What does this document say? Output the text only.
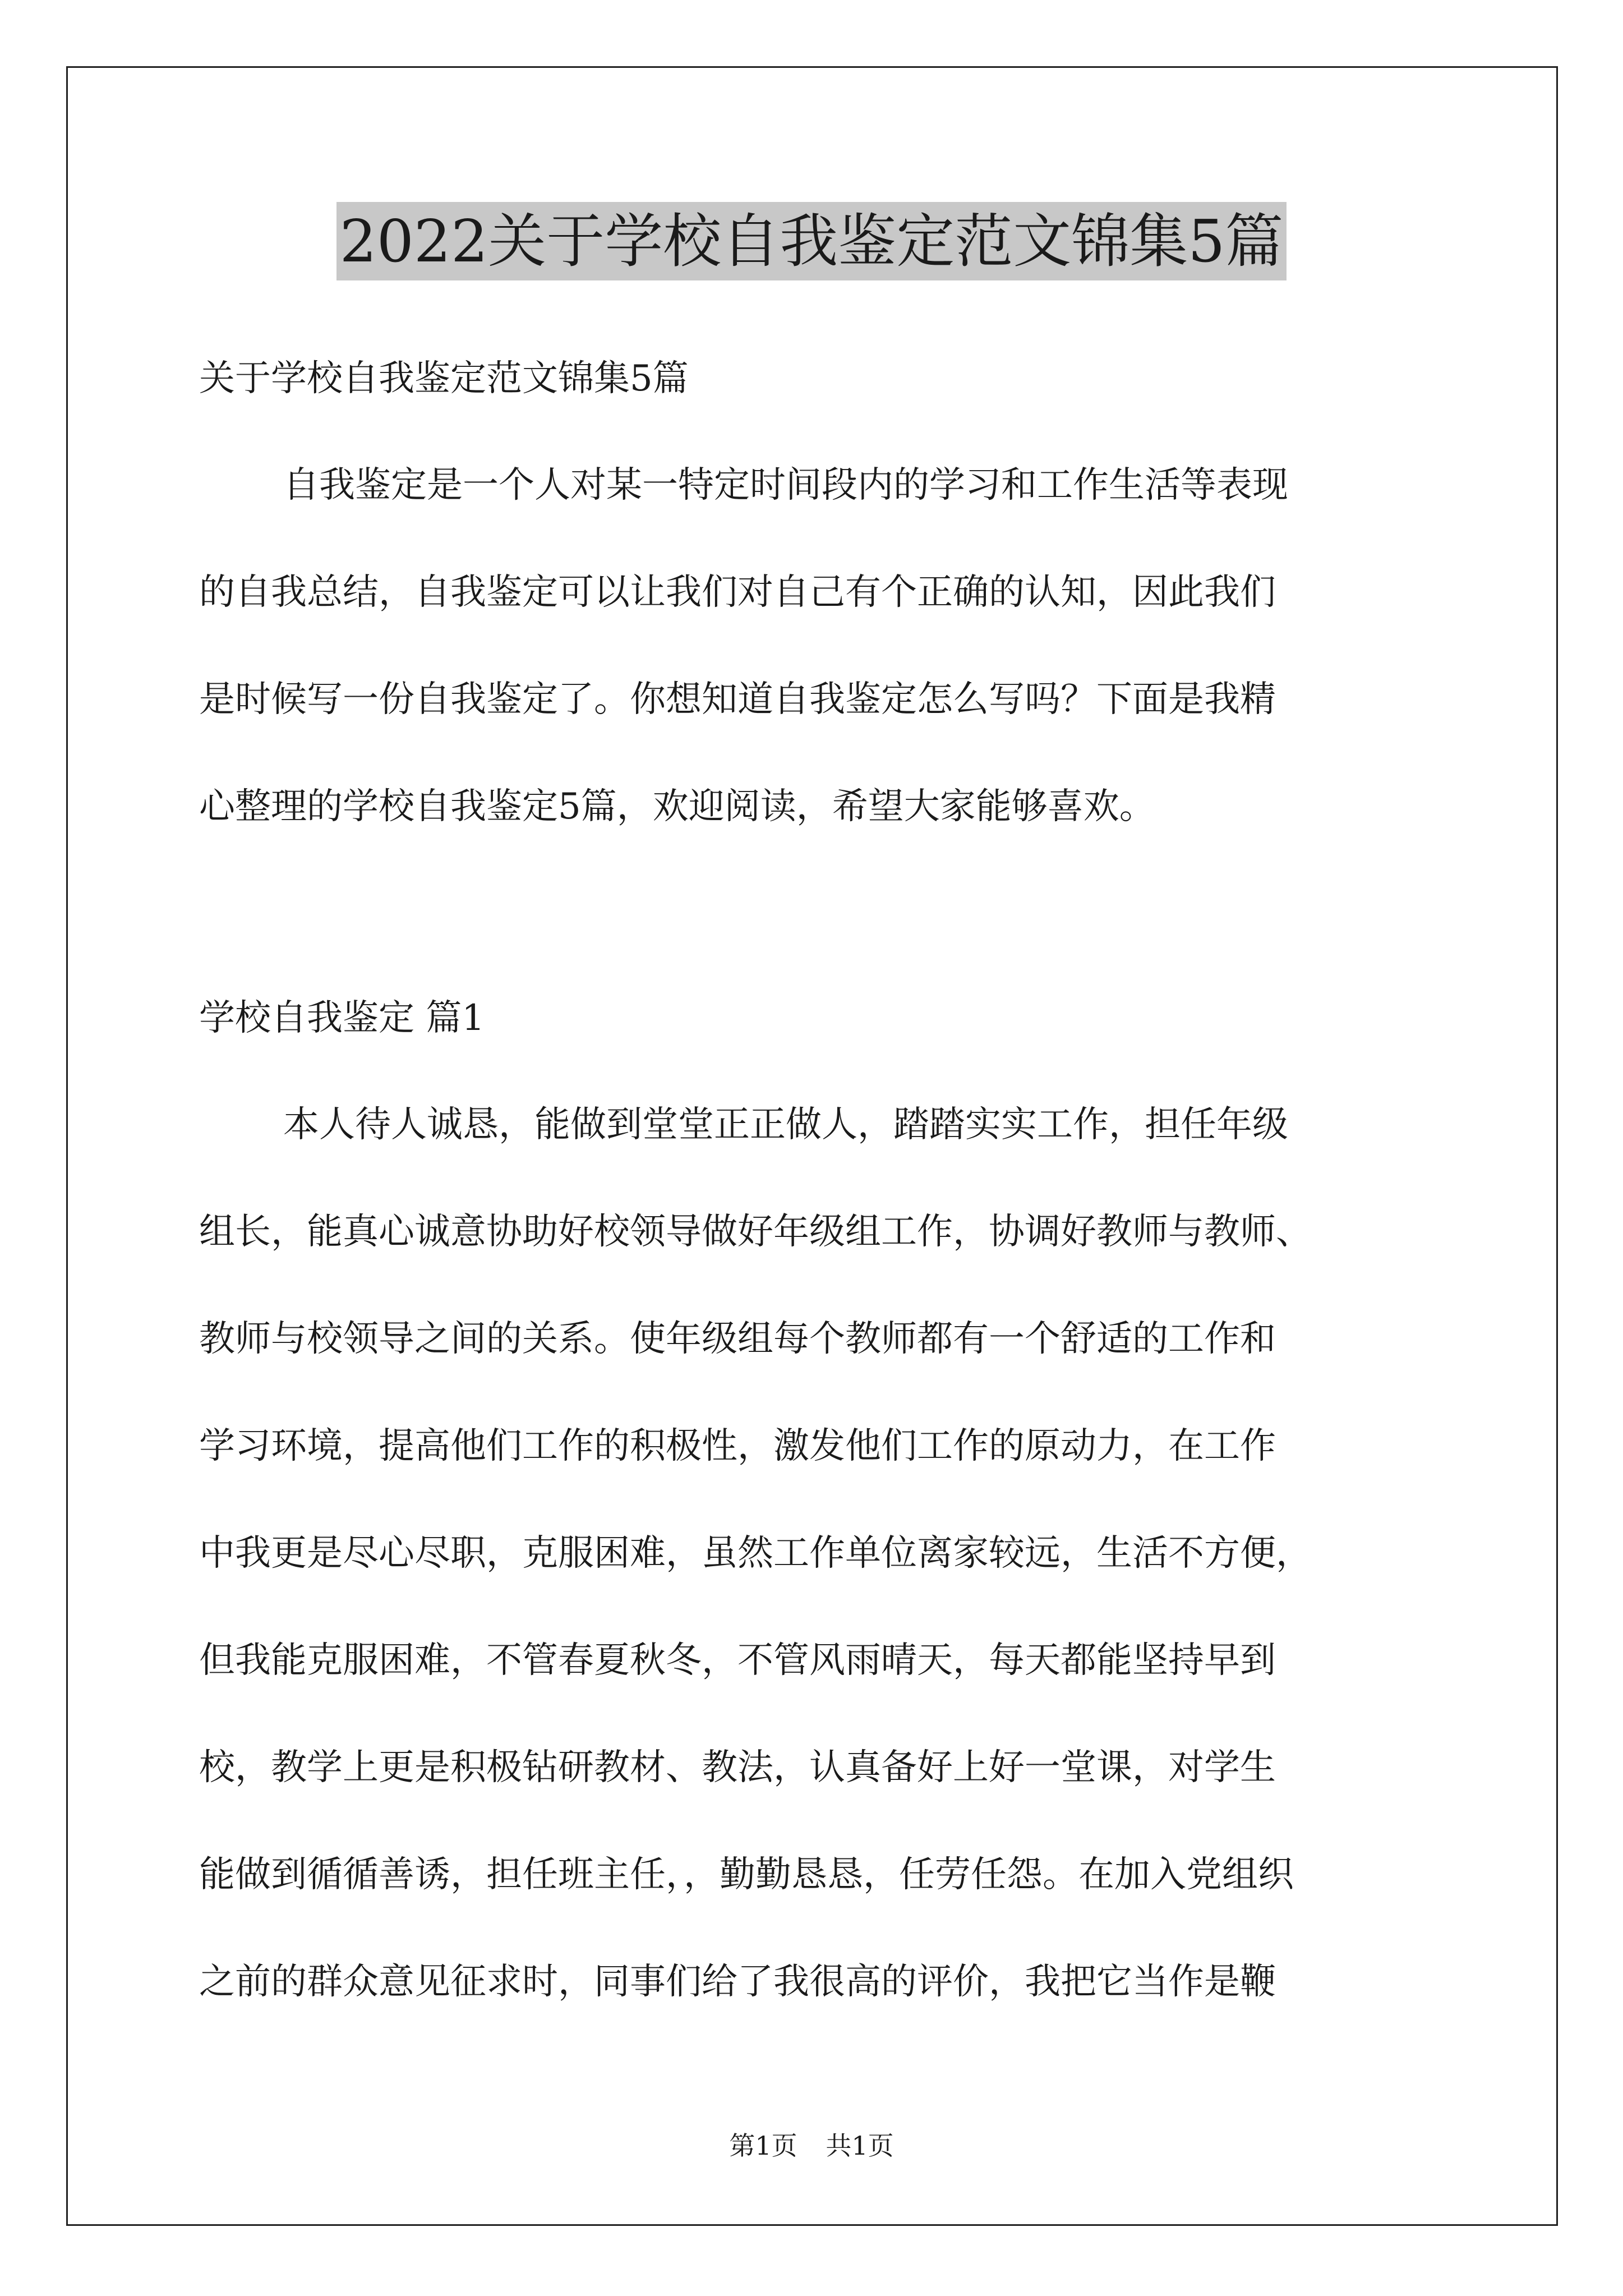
2022关于学校自我鉴定范文锦集5篇
关于学校自我鉴定范文锦集5篇
自我鉴定是一个人对某一特定时间段内的学习和工作生活等表现
的自我总结，自我鉴定可以让我们对自己有个正确的认知，因此我们
是时候写一份自我鉴定了。你想知道自我鉴定怎么写吗？下面是我精
心整理的学校自我鉴定5篇，欢迎阅读，希望大家能够喜欢。
学校自我鉴定 篇1
本人待人诚恳，能做到堂堂正正做人，踏踏实实工作，担任年级
组长，能真心诚意协助好校领导做好年级组工作，协调好教师与教师、
教师与校领导之间的关系。使年级组每个教师都有一个舒适的工作和
学习环境，提高他们工作的积极性，激发他们工作的原动力，在工作
中我更是尽心尽职，克服困难，虽然工作单位离家较远，生活不方便，
但我能克服困难，不管春夏秋冬，不管风雨晴天，每天都能坚持早到
校，教学上更是积极钻研教材、教法，认真备好上好一堂课，对学生
能做到循循善诱，担任班主任，，勤勤恳恳，任劳任怨。在加入党组织
之前的群众意见征求时，同事们给了我很高的评价，我把它当作是鞭
第1页 共1页
